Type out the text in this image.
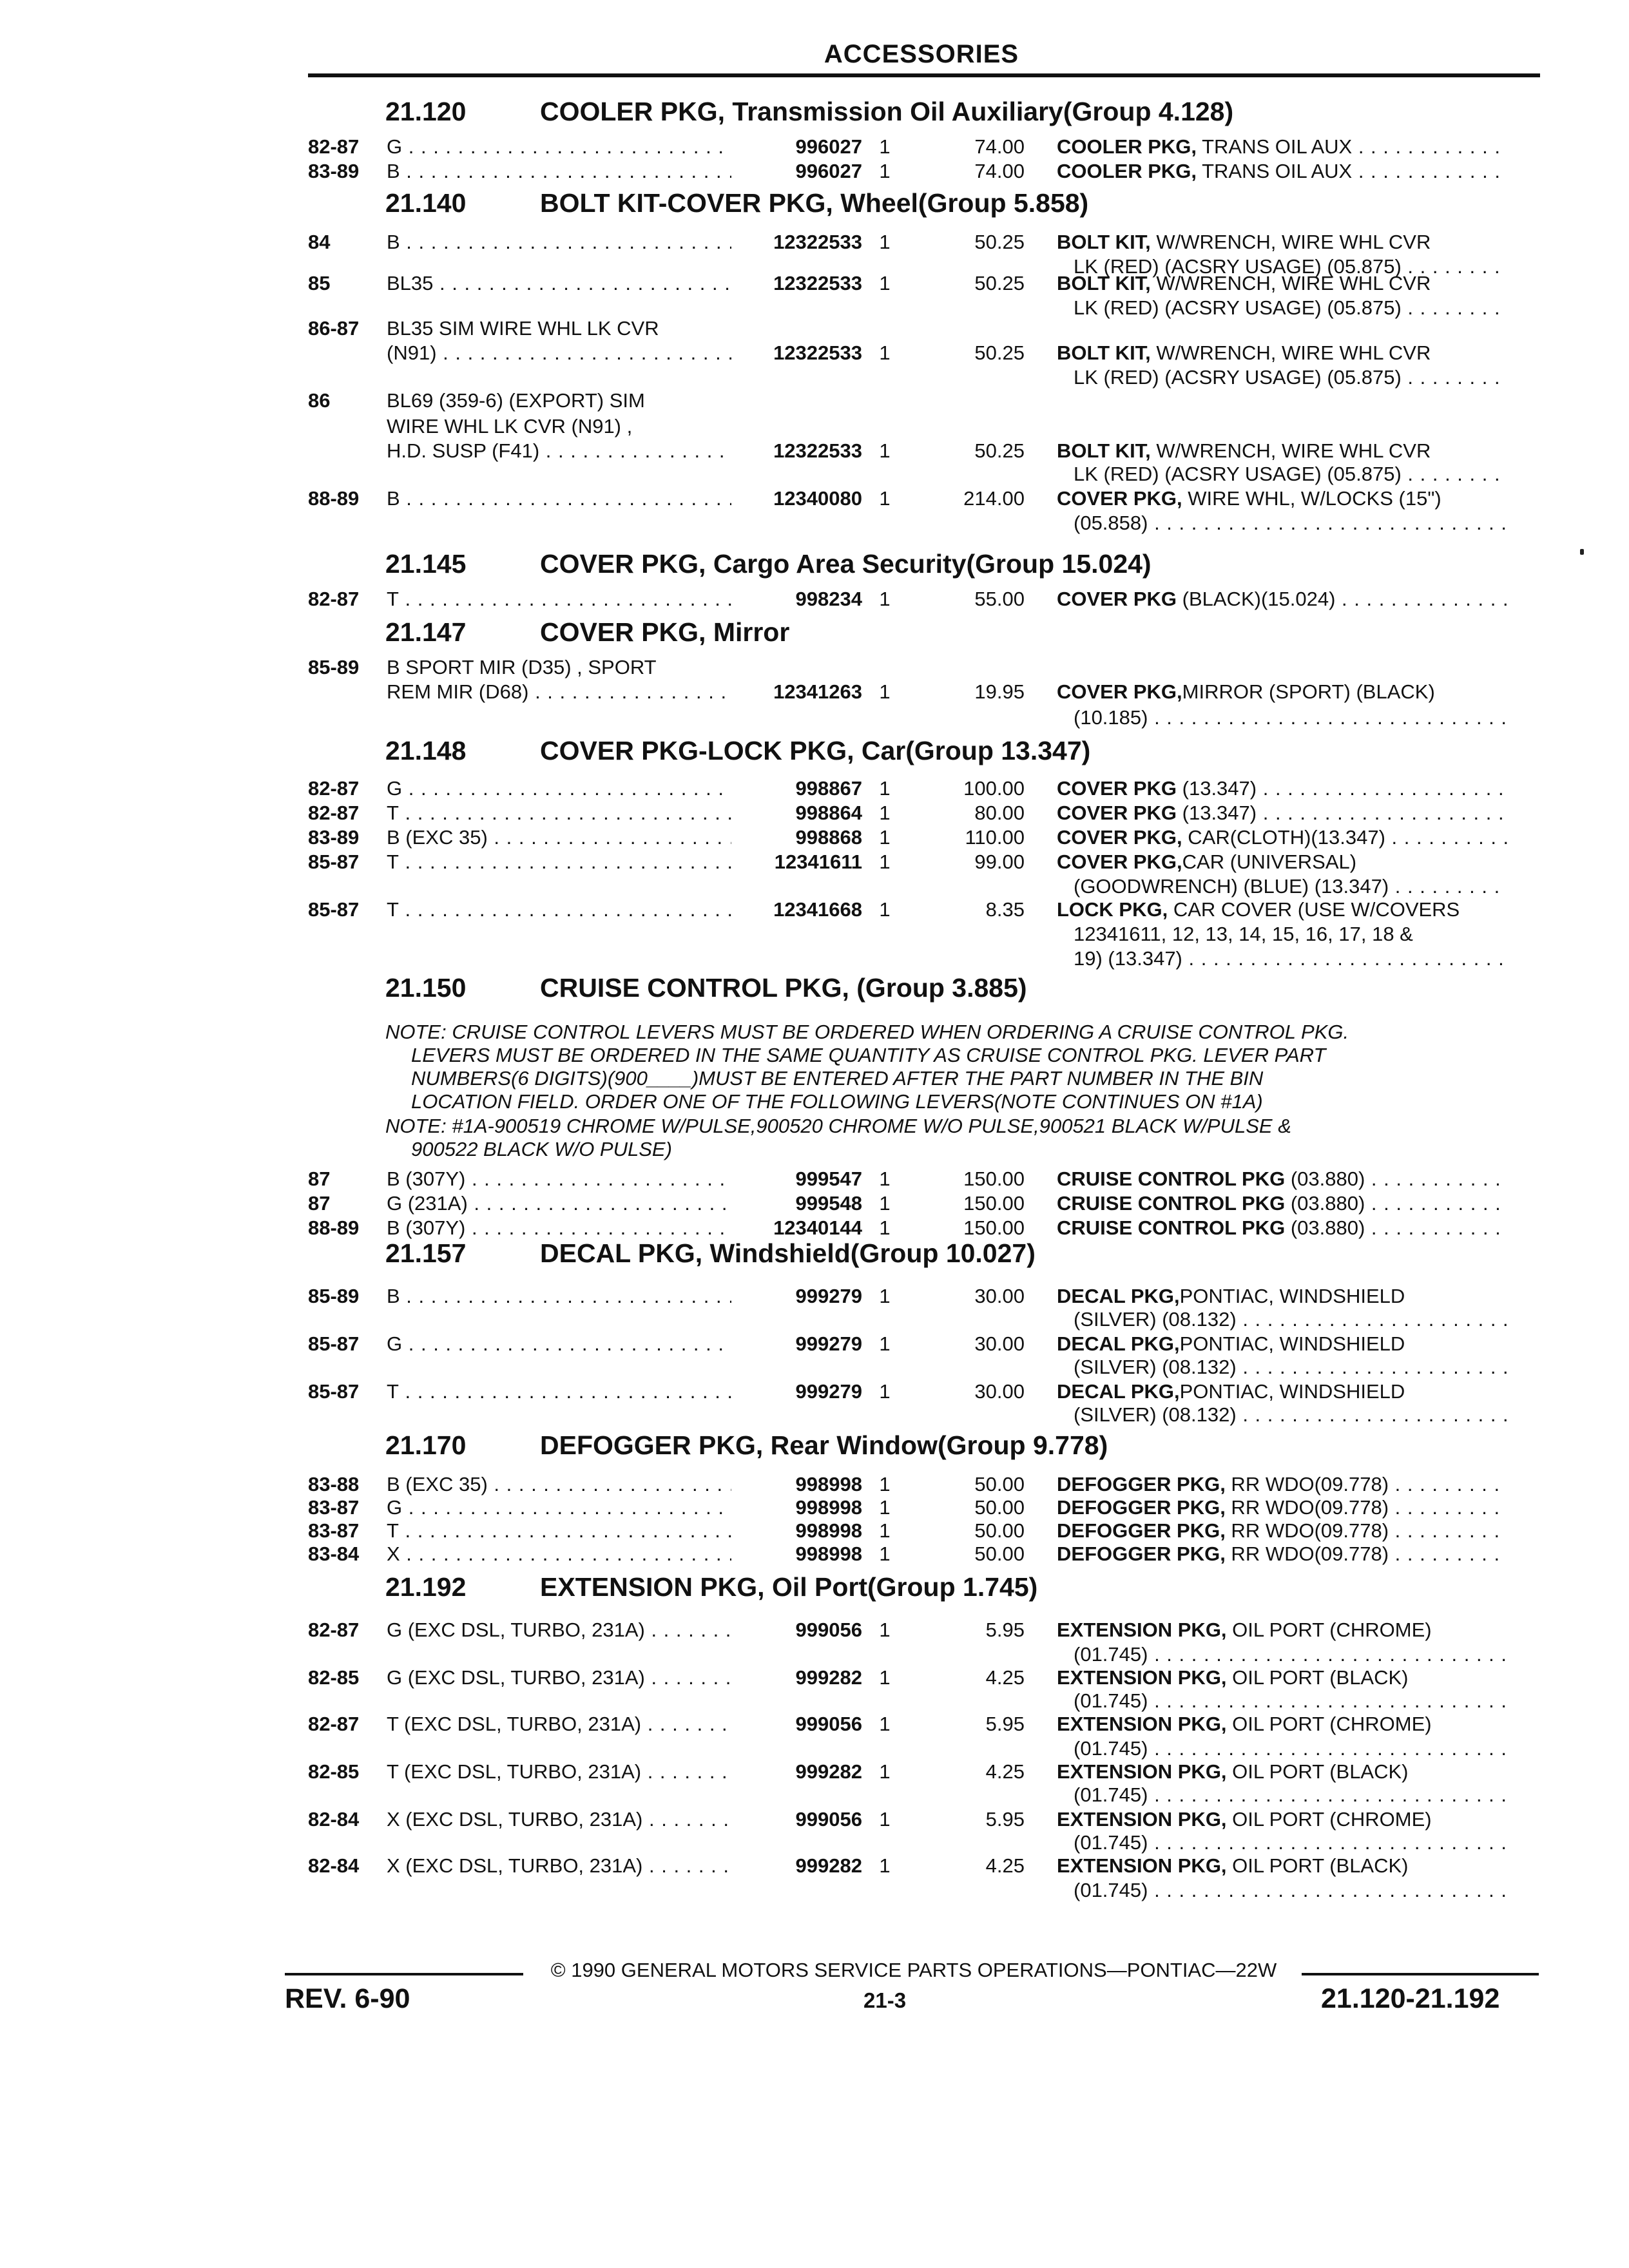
ACCESSORIES
21.120	COOLER PKG, Transmission Oil Auxiliary(Group 4.128)
21.140	BOLT KIT-COVER PKG, Wheel(Group 5.858)
21.145	COVER PKG, Cargo Area Security(Group 15.024)
21.147	COVER PKG, Mirror
21.148	COVER PKG-LOCK PKG, Car(Group 13.347)
21.150	CRUISE CONTROL PKG, (Group 3.885)
21.157	DECAL PKG, Windshield(Group 10.027)
21.170	DEFOGGER PKG, Rear Window(Group 9.778)
21.192	EXTENSION PKG, Oil Port(Group 1.745)
82-87 G . . .	996027 1	74.00 COOLER PKG, TRANS OIL AUX . . .
83-89 B . . .	996027 1	74.00 COOLER PKG, TRANS OIL AUX . . .
84	B . . .	12322533 1	50.25 BOLT KIT, W/WRENCH, WIRE WHL CVR
LK (RED) (ACSRY USAGE) (05.875) . . .
85	BL35 . . .	12322533 1	50.25 BOLT KIT, W/WRENCH, WIRE WHL CVR
LK (RED) (ACSRY USAGE) (05.875) . . .
86-87 BL35 SIM WIRE WHL LK CVR
(N91) . . .	12322533 1	50.25 BOLT KIT, W/WRENCH, WIRE WHL CVR
LK (RED) (ACSRY USAGE) (05.875) . . .
86	BL69 (359-6) (EXPORT) SIM
WIRE WHL LK CVR (N91) ,
H.D. SUSP (F41) . . .	12322533 1	50.25 BOLT KIT, W/WRENCH, WIRE WHL CVR
LK (RED) (ACSRY USAGE) (05.875) . . .
88-89 B . . .	12340080 1	214.00 COVER PKG, WIRE WHL, W/LOCKS (15")
(05.858) . . .
82-87 T . . .	998234 1	55.00 COVER PKG (BLACK)(15.024) . . .
85-89 B SPORT MIR (D35) , SPORT
REM MIR (D68) . . .	12341263 1	19.95 COVER PKG,MIRROR (SPORT) (BLACK)
(10.185) . . .
82-87 G . . .	998867 1	100.00 COVER PKG (13.347) . . .
82-87 T . . .	998864 1	80.00 COVER PKG (13.347) . . .
83-89 B (EXC 35) . . .	998868 1	110.00 COVER PKG, CAR(CLOTH)(13.347) . . .
85-87 T . . .	12341611 1	99.00 COVER PKG,CAR (UNIVERSAL)
(GOODWRENCH) (BLUE) (13.347) . . .
85-87 T . . .	12341668 1	8.35 LOCK PKG, CAR COVER (USE W/COVERS
12341611, 12, 13, 14, 15, 16, 17, 18 &
19) (13.347) . . .
87	B (307Y) . . .	999547 1	150.00 CRUISE CONTROL PKG (03.880) . . .
87	G (231A) . . .	999548 1	150.00 CRUISE CONTROL PKG (03.880) . . .
88-89 B (307Y) . . .	12340144 1	150.00 CRUISE CONTROL PKG (03.880) . . .
85-89 B . . .	999279 1	30.00 DECAL PKG,PONTIAC, WINDSHIELD
(SILVER) (08.132) . . .
85-87 G . . .	999279 1	30.00 DECAL PKG,PONTIAC, WINDSHIELD
(SILVER) (08.132) . . .
85-87 T . . .	999279 1	30.00 DECAL PKG,PONTIAC, WINDSHIELD
(SILVER) (08.132) . . .
83-88 B (EXC 35) . . .	998998 1	50.00 DEFOGGER PKG, RR WDO(09.778) . . .
83-87 G . . .	998998 1	50.00 DEFOGGER PKG, RR WDO(09.778) . . .
83-87 T . . .	998998 1	50.00 DEFOGGER PKG, RR WDO(09.778) . . .
83-84 X . . .	998998 1	50.00 DEFOGGER PKG, RR WDO(09.778) . . .
82-87 G (EXC DSL, TURBO, 231A) . . .	999056 1	5.95 EXTENSION PKG, OIL PORT (CHROME)
(01.745) . . .
82-85 G (EXC DSL, TURBO, 231A) . . .	999282 1	4.25 EXTENSION PKG, OIL PORT (BLACK)
(01.745) . . .
82-87 T (EXC DSL, TURBO, 231A) . . .	999056 1	5.95 EXTENSION PKG, OIL PORT (CHROME)
(01.745) . . .
82-85 T (EXC DSL, TURBO, 231A) . . .	999282 1	4.25 EXTENSION PKG, OIL PORT (BLACK)
(01.745) . . .
82-84 X (EXC DSL, TURBO, 231A) . . .	999056 1	5.95 EXTENSION PKG, OIL PORT (CHROME)
(01.745) . . .
82-84 X (EXC DSL, TURBO, 231A) . . .	999282 1	4.25 EXTENSION PKG, OIL PORT (BLACK)
(01.745) . . .
NOTE: CRUISE CONTROL LEVERS MUST BE ORDERED WHEN ORDERING A CRUISE CONTROL PKG.
LEVERS MUST BE ORDERED IN THE SAME QUANTITY AS CRUISE CONTROL PKG. LEVER PART
NUMBERS(6 DIGITS)(900____)MUST BE ENTERED AFTER THE PART NUMBER IN THE BIN
LOCATION FIELD. ORDER ONE OF THE FOLLOWING LEVERS(NOTE CONTINUES ON #1A)
NOTE: #1A-900519 CHROME W/PULSE,900520 CHROME W/O PULSE,900521 BLACK W/PULSE &
900522 BLACK W/O PULSE)
© 1990 GENERAL MOTORS SERVICE PARTS OPERATIONS—PONTIAC—22W
REV. 6-90	21-3	21.120-21.192
